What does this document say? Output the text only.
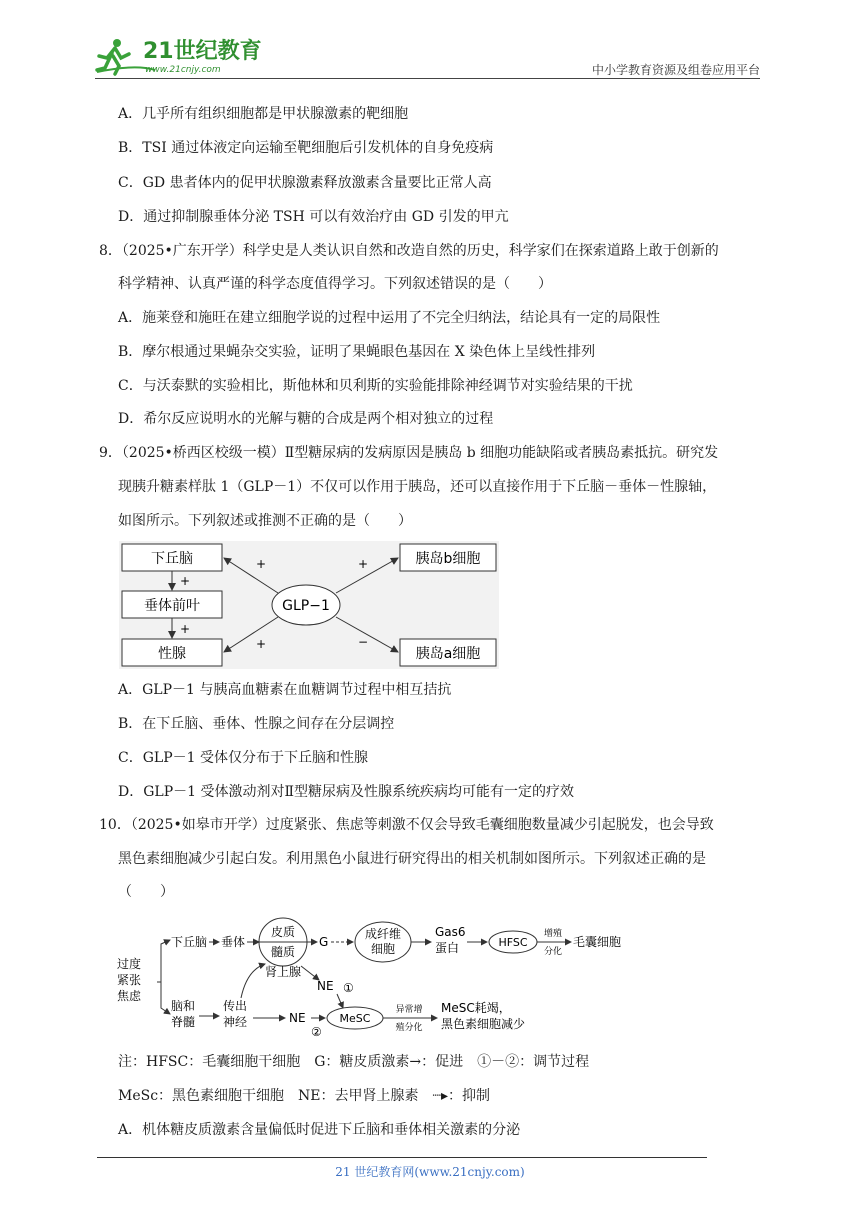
21世纪教育
www.21cnjy.com	中小学教育资源及组卷应用平台
A．几乎所有组织细胞都是甲状腺激素的靶细胞
B．TSI 通过体液定向运输至靶细胞后引发机体的自身免疫病
C．GD 患者体内的促甲状腺激素释放激素含量要比正常人高
D．通过抑制腺垂体分泌 TSH 可以有效治疗由 GD 引发的甲亢
8．（2025•广东开学）科学史是人类认识自然和改造自然的历史，科学家们在探索道路上敢于创新的
科学精神、认真严谨的科学态度值得学习。下列叙述错误的是（　　）
A．施莱登和施旺在建立细胞学说的过程中运用了不完全归纳法，结论具有一定的局限性
B．摩尔根通过果蝇杂交实验，证明了果蝇眼色基因在 X 染色体上呈线性排列
C．与沃泰默的实验相比，斯他林和贝利斯的实验能排除神经调节对实验结果的干扰
D．希尔反应说明水的光解与糖的合成是两个相对独立的过程
9．（2025•桥西区校级一模）Ⅱ型糖尿病的发病原因是胰岛 b 细胞功能缺陷或者胰岛素抵抗。研究发
现胰升糖素样肽 1（GLP－1）不仅可以作用于胰岛，还可以直接作用于下丘脑－垂体－性腺轴，
如图所示。下列叙述或推测不正确的是（　　）
下丘脑
垂体前叶
性腺
+
+
GLP−1
+
+
+
−
胰岛b细胞
胰岛a细胞
A．GLP－1 与胰高血糖素在血糖调节过程中相互拮抗
B．在下丘脑、垂体、性腺之间存在分层调控
C．GLP－1 受体仅分布于下丘脑和性腺
D．GLP－1 受体激动剂对Ⅱ型糖尿病及性腺系统疾病均可能有一定的疗效
10．（2025•如皋市开学）过度紧张、焦虑等刺激不仅会导致毛囊细胞数量减少引起脱发，也会导致
黑色素细胞减少引起白发。利用黑色小鼠进行研究得出的相关机制如图所示。下列叙述正确的是
（　　）
过度
紧张
焦虑
下丘脑 垂体
皮质
髓质
肾上腺
G
成纤维
细胞
Gas6
蛋白	HFSC
增殖
分化
毛囊细胞
脑和
脊髓
传出
神经	NE
②
NE ①
MeSC
异常增
殖分化
MeSC耗竭，
黑色素细胞减少
注：HFSC：毛囊细胞干细胞　G：糖皮质激素→：促进　①－②：调节过程
MeSc：黑色素细胞干细胞　NE：去甲肾上腺素　┈▸：抑制
A．机体糖皮质激素含量偏低时促进下丘脑和垂体相关激素的分泌
21 世纪教育网(www.21cnjy.com)
